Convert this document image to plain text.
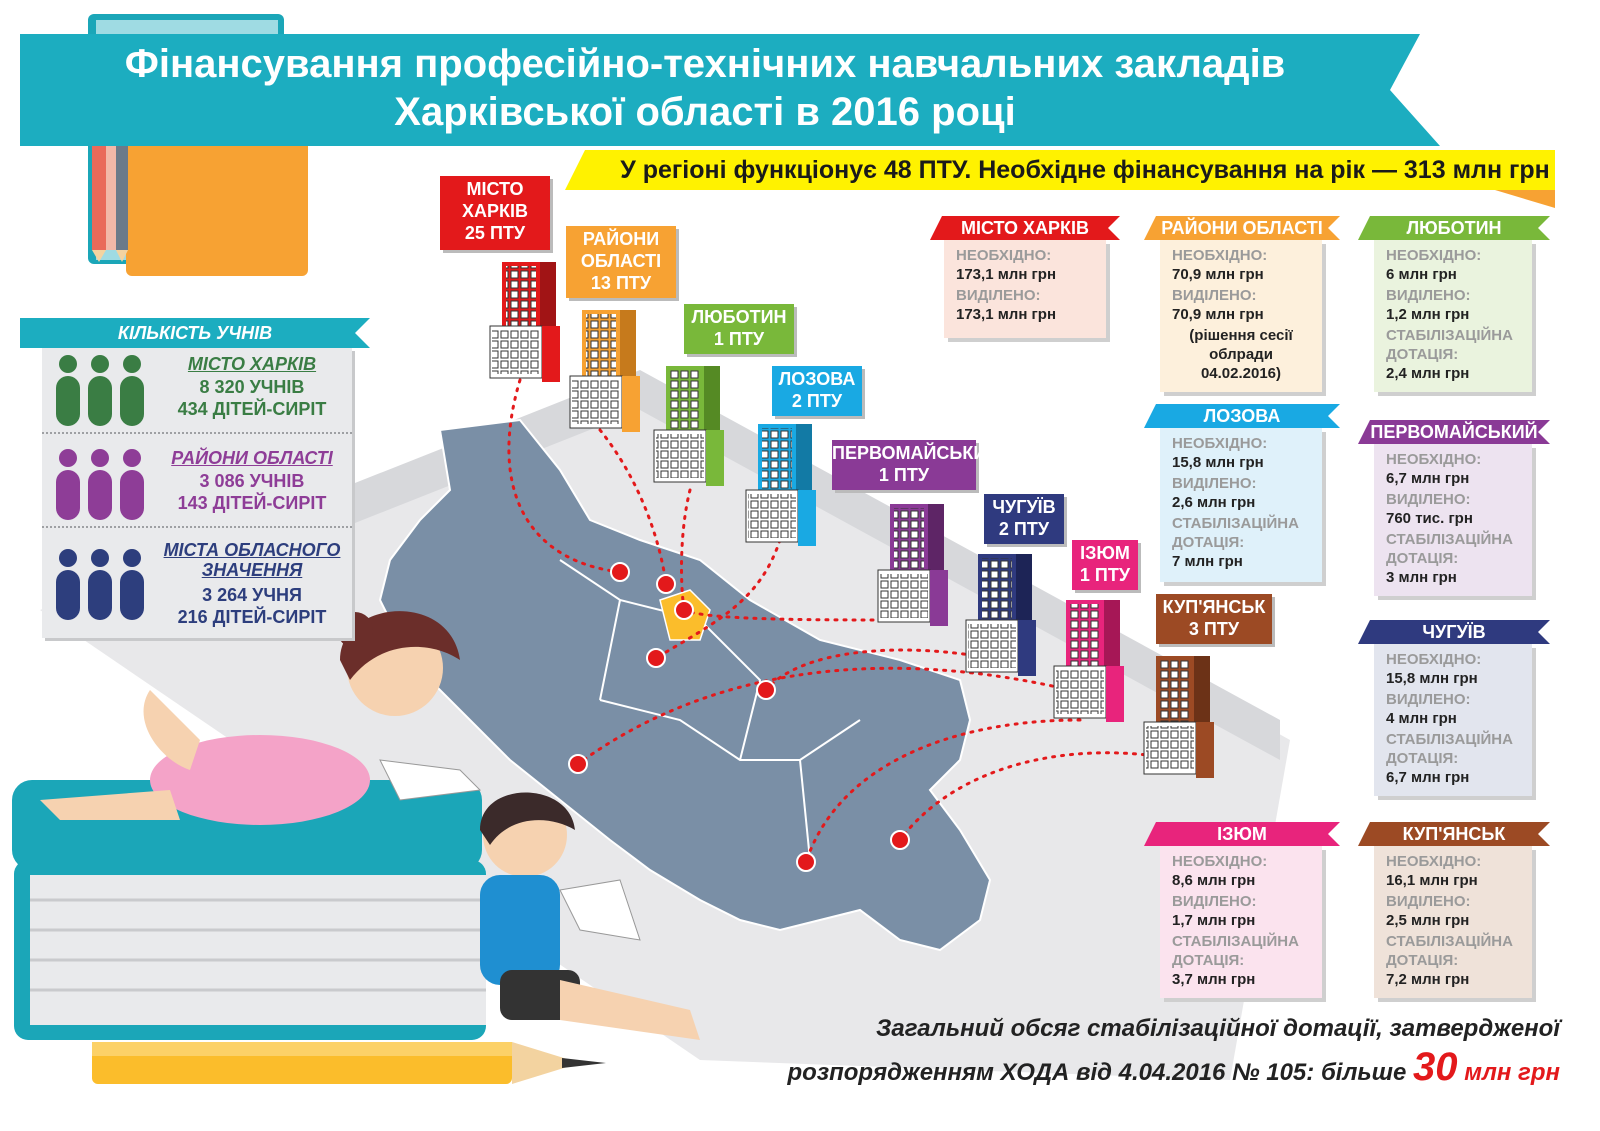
Фінансування професійно-технічних навчальних закладів
Харківської області в 2016 році
У регіоні функціонує 48 ПТУ. Необхідне фінансування на рік — 313 млн грн
КІЛЬКІСТЬ УЧНІВ
МІСТО ХАРКІВ
8 320 УЧНІВ
434 ДІТЕЙ-СИРІТ
РАЙОНИ ОБЛАСТІ
3 086 УЧНІВ
143 ДІТЕЙ-СИРІТ
МІСТА ОБЛАСНОГО
ЗНАЧЕННЯ
3 264 УЧНЯ
216 ДІТЕЙ-СИРІТ
МІСТО
ХАРКІВ
25 ПТУ	РАЙОНИ
ОБЛАСТІ
13 ПТУ
ЛЮБОТИН
1 ПТУ
ЛОЗОВА
2 ПТУ
ПЕРВОМАЙСЬКИЙ
1 ПТУ
ЧУГУЇВ
2 ПТУ
ІЗЮМ
1 ПТУ
КУП'ЯНСЬК
3 ПТУ
МІСТО ХАРКІВ
НЕОБХІДНО:
173,1 млн грн
ВИДІЛЕНО:
173,1 млн грн
РАЙОНИ ОБЛАСТІ
НЕОБХІДНО:
70,9 млн грн
ВИДІЛЕНО:
70,9 млн грн
(рішення сесії
облради
04.02.2016)
ЛЮБОТИН
НЕОБХІДНО:
6 млн грн
ВИДІЛЕНО:
1,2 млн грн
СТАБІЛІЗАЦІЙНА
ДОТАЦІЯ:
2,4 млн грн
ЛОЗОВА
НЕОБХІДНО:
15,8 млн грн
ВИДІЛЕНО:
2,6 млн грн
СТАБІЛІЗАЦІЙНА
ДОТАЦІЯ:
7 млн грн
ПЕРВОМАЙСЬКИЙ
НЕОБХІДНО:
6,7 млн грн
ВИДІЛЕНО:
760 тис. грн
СТАБІЛІЗАЦІЙНА
ДОТАЦІЯ:
3 млн грн
ЧУГУЇВ
НЕОБХІДНО:
15,8 млн грн
ВИДІЛЕНО:
4 млн грн
СТАБІЛІЗАЦІЙНА
ДОТАЦІЯ:
6,7 млн грн
ІЗЮМ
НЕОБХІДНО:
8,6 млн грн
ВИДІЛЕНО:
1,7 млн грн
СТАБІЛІЗАЦІЙНА
ДОТАЦІЯ:
3,7 млн грн
КУП'ЯНСЬК
НЕОБХІДНО:
16,1 млн грн
ВИДІЛЕНО:
2,5 млн грн
СТАБІЛІЗАЦІЙНА
ДОТАЦІЯ:
7,2 млн грн
Загальний обсяг стабілізаційної дотації, затвердженої
розпорядженням ХОДА від 4.04.2016 № 105: більше 30 млн грн
